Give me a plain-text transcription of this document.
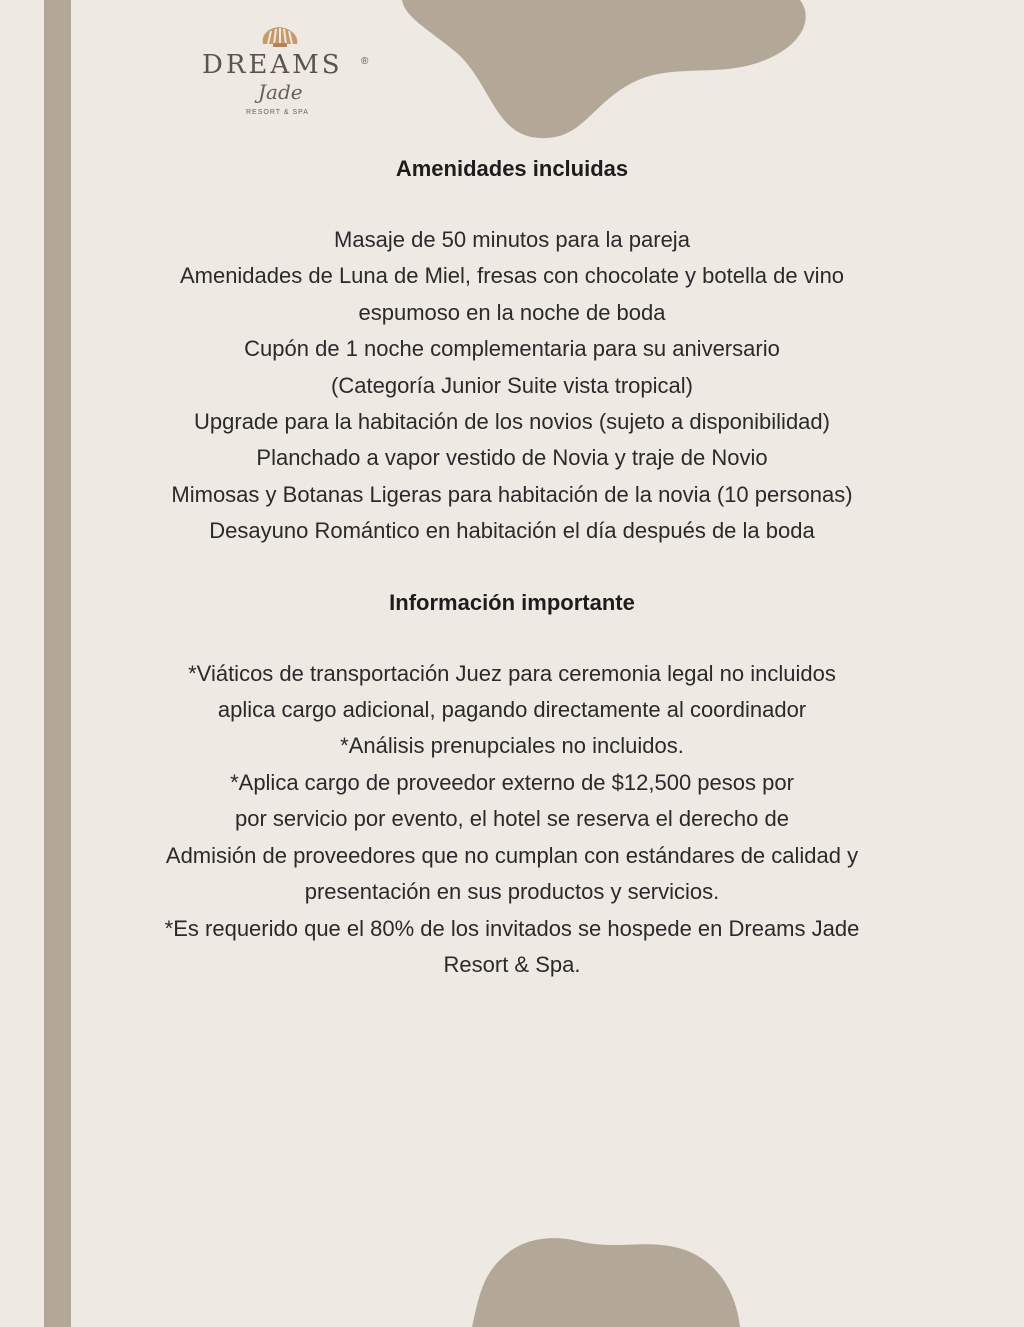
DREAMS ®
Jade
RESORT & SPA

Amenidades incluidas

Masaje de 50 minutos para la pareja

Amenidades de Luna de Miel, fresas con chocolate y botella de vino

espumoso en la noche de boda

Cupón de 1 noche complementaria para su aniversario

(Categoría Junior Suite vista tropical)

Upgrade para la habitación de los novios (sujeto a disponibilidad)

Planchado a vapor vestido de Novia y traje de Novio

Mimosas y Botanas Ligeras para habitación de la novia (10 personas)

Desayuno Romántico en habitación el día después de la boda

Información importante

*Viáticos de transportación Juez para ceremonia legal no incluidos

aplica cargo adicional, pagando directamente al coordinador

*Análisis prenupciales no incluidos.

*Aplica cargo de proveedor externo de $12,500 pesos por

por servicio por evento, el hotel se reserva el derecho de

Admisión de proveedores que no cumplan con estándares de calidad y

presentación en sus productos y servicios.

*Es requerido que el 80% de los invitados se hospede en Dreams Jade

Resort & Spa.
